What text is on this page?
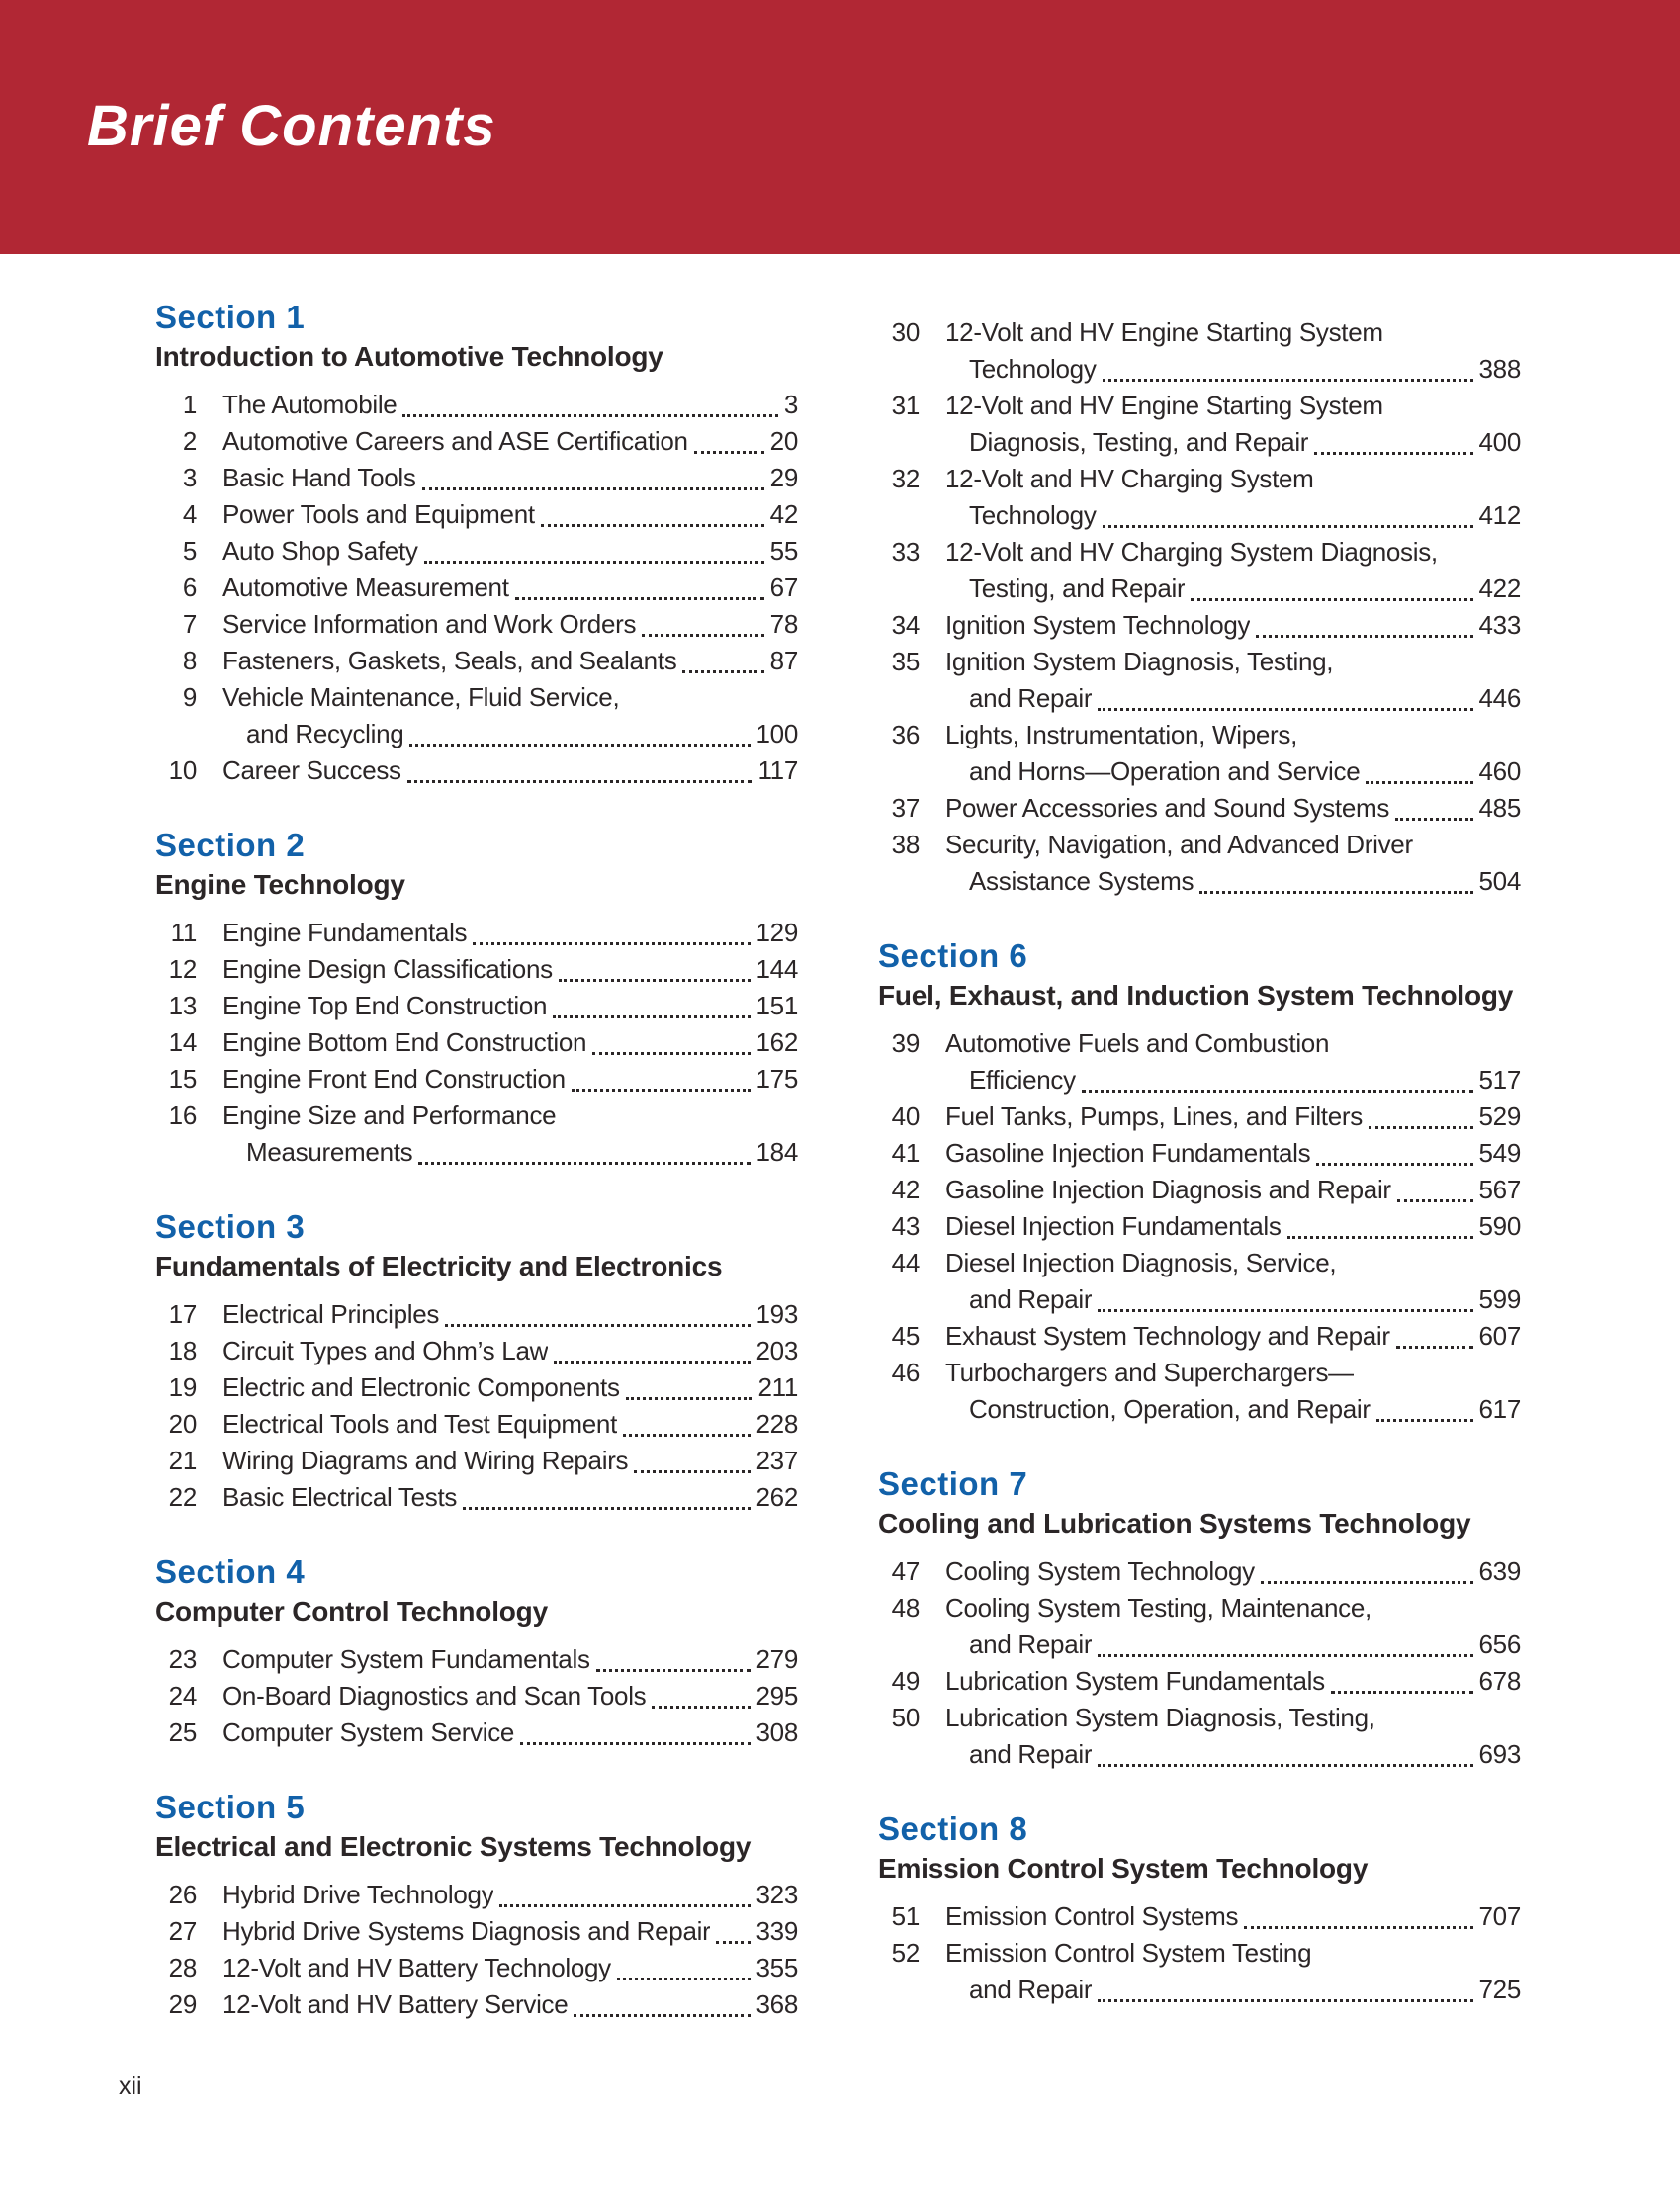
Brief Contents
Section 1
Introduction to Automotive Technology
1 The Automobile	3
2 Automotive Careers and ASE Certification	20
3 Basic Hand Tools	29
4 Power Tools and Equipment	42
5 Auto Shop Safety	55
6 Automotive Measurement	67
7 Service Information and Work Orders	78
8 Fasteners, Gaskets, Seals, and Sealants	87
9 Vehicle Maintenance, Fluid Service,
and Recycling	100
10 Career Success	117
Section 2
Engine Technology
11 Engine Fundamentals	129
12 Engine Design Classifications	144
13 Engine Top End Construction	151
14 Engine Bottom End Construction	162
15 Engine Front End Construction	175
16 Engine Size and Performance
Measurements	184
Section 3
Fundamentals of Electricity and Electronics
17 Electrical Principles	193
18 Circuit Types and Ohm’s Law	203
19 Electric and Electronic Components	211
20 Electrical Tools and Test Equipment	228
21 Wiring Diagrams and Wiring Repairs	237
22 Basic Electrical Tests	262
Section 4
Computer Control Technology
23 Computer System Fundamentals	279
24 On-Board Diagnostics and Scan Tools	295
25 Computer System Service	308
Section 5
Electrical and Electronic Systems Technology
26 Hybrid Drive Technology	323
27 Hybrid Drive Systems Diagnosis and Repair 339
28 12-Volt and HV Battery Technology	355
29 12-Volt and HV Battery Service	368
30 12-Volt and HV Engine Starting System
Technology	388
31 12-Volt and HV Engine Starting System
Diagnosis, Testing, and Repair	400
32 12-Volt and HV Charging System
Technology	412
33 12-Volt and HV Charging System Diagnosis,
Testing, and Repair	422
34 Ignition System Technology	433
35 Ignition System Diagnosis, Testing,
and Repair	446
36 Lights, Instrumentation, Wipers,
and Horns—Operation and Service	460
37 Power Accessories and Sound Systems	485
38 Security, Navigation, and Advanced Driver
Assistance Systems	504
Section 6
Fuel, Exhaust, and Induction System Technology
39 Automotive Fuels and Combustion
Efficiency	517
40 Fuel Tanks, Pumps, Lines, and Filters	529
41 Gasoline Injection Fundamentals	549
42 Gasoline Injection Diagnosis and Repair	567
43 Diesel Injection Fundamentals	590
44 Diesel Injection Diagnosis, Service,
and Repair	599
45 Exhaust System Technology and Repair	607
46 Turbochargers and Superchargers—
Construction, Operation, and Repair	617
Section 7
Cooling and Lubrication Systems Technology
47 Cooling System Technology	639
48 Cooling System Testing, Maintenance,
and Repair	656
49 Lubrication System Fundamentals	678
50 Lubrication System Diagnosis, Testing,
and Repair	693
Section 8
Emission Control System Technology
51 Emission Control Systems	707
52 Emission Control System Testing
and Repair	725
xii
